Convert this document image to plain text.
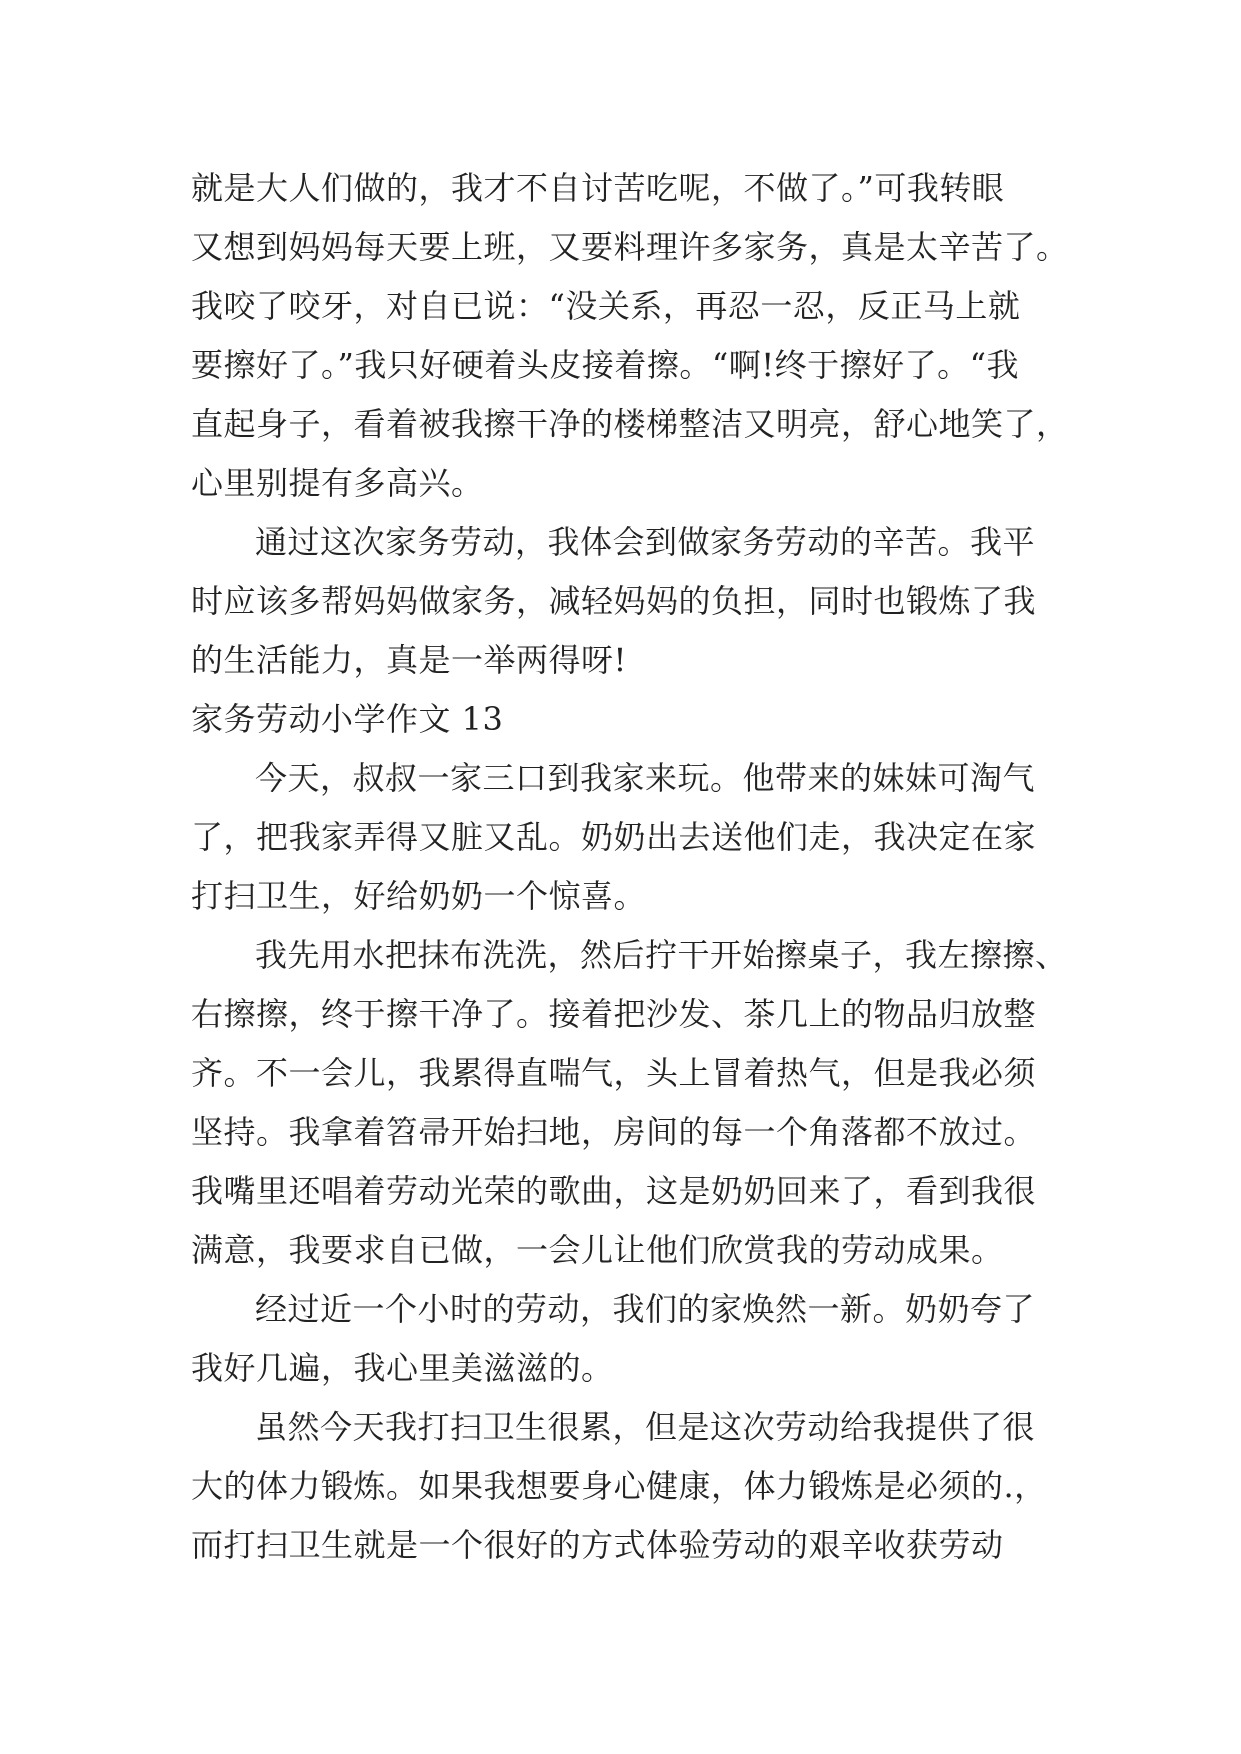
就是大人们做的，我才不自讨苦吃呢，不做了。”可我转眼
又想到妈妈每天要上班，又要料理许多家务，真是太辛苦了。
我咬了咬牙，对自已说：“没关系，再忍一忍，反正马上就
要擦好了。”我只好硬着头皮接着擦。“啊!终于擦好了。“我
直起身子，看着被我擦干净的楼梯整洁又明亮，舒心地笑了，
心里别提有多高兴。
通过这次家务劳动，我体会到做家务劳动的辛苦。我平
时应该多帮妈妈做家务，减轻妈妈的负担，同时也锻炼了我
的生活能力，真是一举两得呀!
家务劳动小学作文 13
今天，叔叔一家三口到我家来玩。他带来的妹妹可淘气
了，把我家弄得又脏又乱。奶奶出去送他们走，我决定在家
打扫卫生，好给奶奶一个惊喜。
我先用水把抹布洗洗，然后拧干开始擦桌子，我左擦擦、
右擦擦，终于擦干净了。接着把沙发、茶几上的物品归放整
齐。不一会儿，我累得直喘气，头上冒着热气，但是我必须
坚持。我拿着笤帚开始扫地，房间的每一个角落都不放过。
我嘴里还唱着劳动光荣的歌曲，这是奶奶回来了，看到我很
满意，我要求自已做，一会儿让他们欣赏我的劳动成果。
经过近一个小时的劳动，我们的家焕然一新。奶奶夸了
我好几遍，我心里美滋滋的。
虽然今天我打扫卫生很累，但是这次劳动给我提供了很
大的体力锻炼。如果我想要身心健康，体力锻炼是必须的.，
而打扫卫生就是一个很好的方式体验劳动的艰辛收获劳动
